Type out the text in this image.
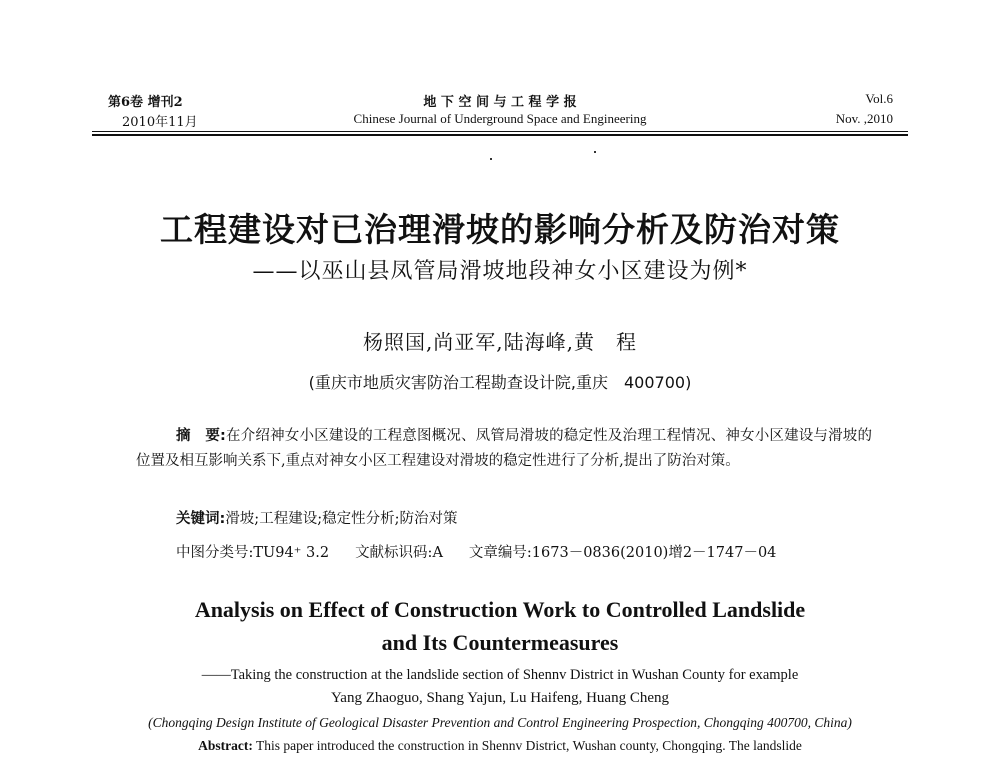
第6卷 增刊2
2010年11月
地 下 空 间 与 工 程 学 报
Chinese Journal of Underground Space and Engineering
Vol.6
Nov. ,2010
工程建设对已治理滑坡的影响分析及防治对策
——以巫山县凤管局滑坡地段神女小区建设为例*
杨照国,尚亚军,陆海峰,黄　程
(重庆市地质灾害防治工程勘查设计院,重庆　400700)
摘　要:在介绍神女小区建设的工程意图概况、凤管局滑坡的稳定性及治理工程情况、神女小区建设与滑坡的位置及相互影响关系下,重点对神女小区工程建设对滑坡的稳定性进行了分析,提出了防治对策。
关键词:滑坡;工程建设;稳定性分析;防治对策
中图分类号:TU94⁺ 3.2 文献标识码:A 文章编号:1673－0836(2010)增2－1747－04
Analysis on Effect of Construction Work to Controlled Landslide
and Its Countermeasures
——Taking the construction at the landslide section of Shennv District in Wushan County for example
Yang Zhaoguo, Shang Yajun, Lu Haifeng, Huang Cheng
(Chongqing Design Institute of Geological Disaster Prevention and Control Engineering Prospection, Chongqing 400700, China)
Abstract: This paper introduced the construction in Shennv District, Wushan county, Chongqing. The landslide
